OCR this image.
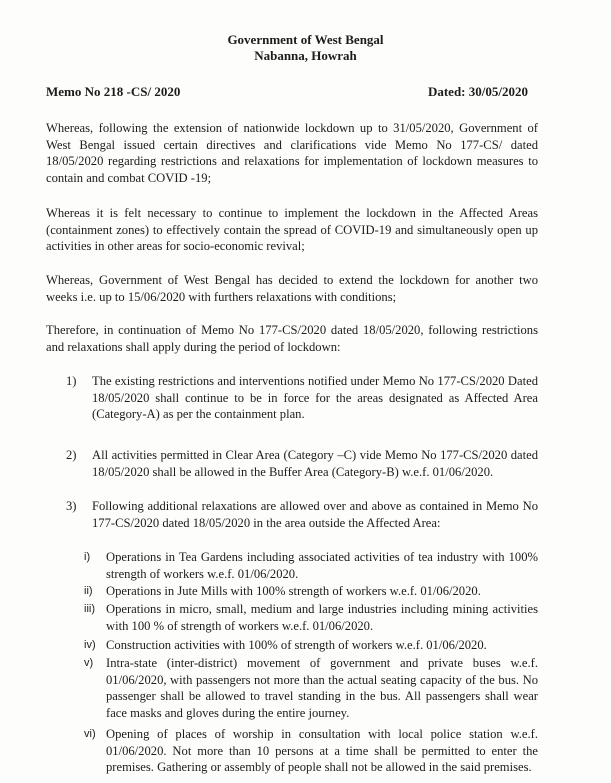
Government of West Bengal
Nabanna, Howrah
Memo No 218 -CS/ 2020	Dated: 30/05/2020

Whereas, following the extension of nationwide lockdown up to 31/05/2020, Government of West Bengal issued certain directives and clarifications vide Memo No 177-CS/ dated 18/05/2020 regarding restrictions and relaxations for implementation of lockdown measures to contain and combat COVID -19;

Whereas it is felt necessary to continue to implement the lockdown in the Affected Areas (containment zones) to effectively contain the spread of COVID-19 and simultaneously open up activities in other areas for socio-economic revival;

Whereas, Government of West Bengal has decided to extend the lockdown for another two weeks i.e. up to 15/06/2020 with furthers relaxations with conditions;

Therefore, in continuation of Memo No 177-CS/2020 dated 18/05/2020, following restrictions and relaxations shall apply during the period of lockdown:

1)	The existing restrictions and interventions notified under Memo No 177-CS/2020 Dated 18/05/2020 shall continue to be in force for the areas designated as Affected Area (Category-A) as per the containment plan.
2)	All activities permitted in Clear Area (Category –C) vide Memo No 177-CS/2020 dated 18/05/2020 shall be allowed in the Buffer Area (Category-B) w.e.f. 01/06/2020.
3)	Following additional relaxations are allowed over and above as contained in Memo No 177-CS/2020 dated 18/05/2020 in the area outside the Affected Area:
i)	Operations in Tea Gardens including associated activities of tea industry with 100% strength of workers w.e.f. 01/06/2020.
ii)	Operations in Jute Mills with 100% strength of workers w.e.f. 01/06/2020.
iii) Operations in micro, small, medium and large industries including mining activities with 100 % of strength of workers w.e.f. 01/06/2020.
iv) Construction activities with 100% of strength of workers w.e.f. 01/06/2020.
v)	Intra-state (inter-district) movement of government and private buses w.e.f. 01/06/2020, with passengers not more than the actual seating capacity of the bus. No passenger shall be allowed to travel standing in the bus. All passengers shall wear face masks and gloves during the entire journey.
vi) Opening of places of worship in consultation with local police station w.e.f. 01/06/2020. Not more than 10 persons at a time shall be permitted to enter the premises. Gathering or assembly of people shall not be allowed in the said premises.
